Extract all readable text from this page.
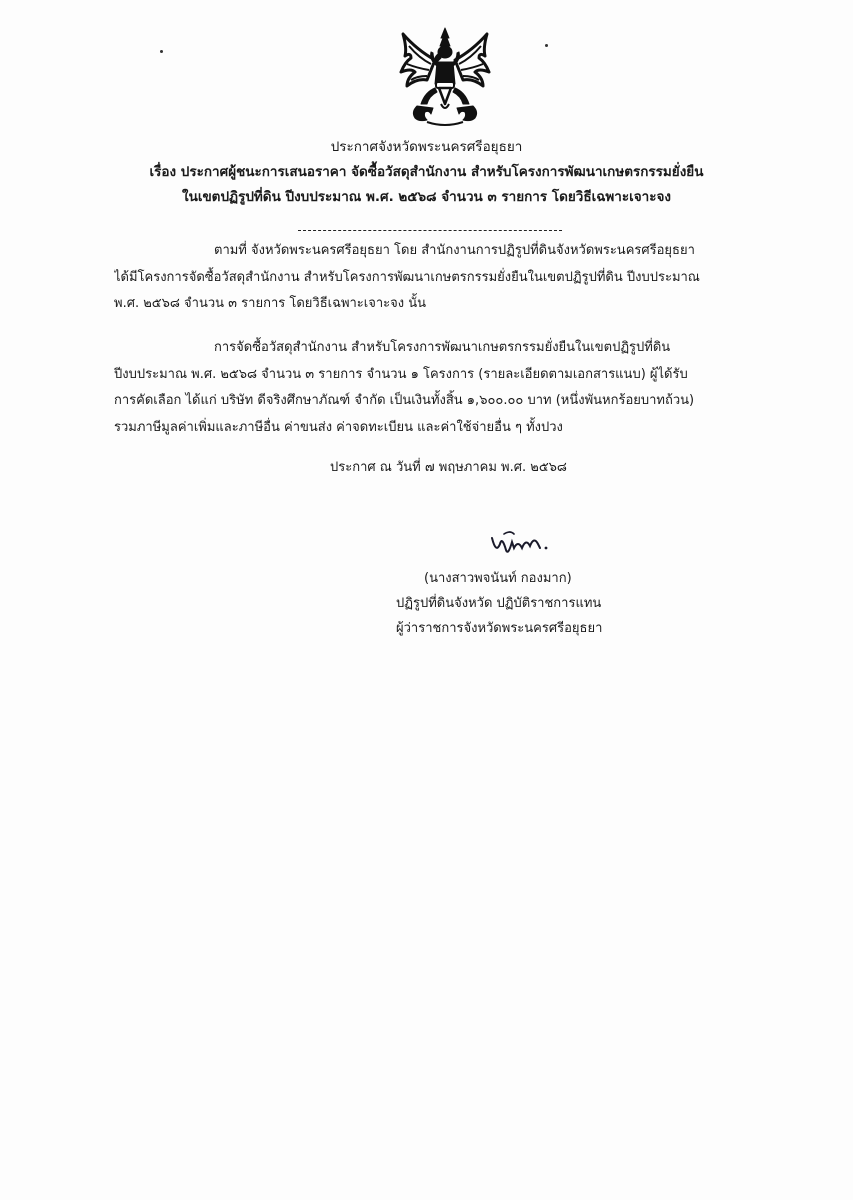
ประกาศจังหวัดพระนครศรีอยุธยา
เรื่อง ประกาศผู้ชนะการเสนอราคา จัดซื้อวัสดุสำนักงาน สำหรับโครงการพัฒนาเกษตรกรรมยั่งยืน
ในเขตปฏิรูปที่ดิน ปีงบประมาณ พ.ศ. ๒๕๖๘ จำนวน ๓ รายการ โดยวิธีเฉพาะเจาะจง
ตามที่ จังหวัดพระนครศรีอยุธยา โดย สำนักงานการปฏิรูปที่ดินจังหวัดพระนครศรีอยุธยา
ได้มีโครงการจัดซื้อวัสดุสำนักงาน สำหรับโครงการพัฒนาเกษตรกรรมยั่งยืนในเขตปฏิรูปที่ดิน ปีงบประมาณ
พ.ศ. ๒๕๖๘ จำนวน ๓ รายการ โดยวิธีเฉพาะเจาะจง นั้น
การจัดซื้อวัสดุสำนักงาน สำหรับโครงการพัฒนาเกษตรกรรมยั่งยืนในเขตปฏิรูปที่ดิน
ปีงบประมาณ พ.ศ. ๒๕๖๘ จำนวน ๓ รายการ จำนวน ๑ โครงการ (รายละเอียดตามเอกสารแนบ) ผู้ได้รับ
การคัดเลือก ได้แก่ บริษัท ดีจริงศึกษาภัณฑ์ จำกัด เป็นเงินทั้งสิ้น ๑,๖๐๐.๐๐ บาท (หนึ่งพันหกร้อยบาทถ้วน)
รวมภาษีมูลค่าเพิ่มและภาษีอื่น ค่าขนส่ง ค่าจดทะเบียน และค่าใช้จ่ายอื่น ๆ ทั้งปวง
ประกาศ ณ วันที่ ๗ พฤษภาคม พ.ศ. ๒๕๖๘
(นางสาวพจนันท์ กองมาก)
ปฏิรูปที่ดินจังหวัด ปฏิบัติราชการแทน
ผู้ว่าราชการจังหวัดพระนครศรีอยุธยา
